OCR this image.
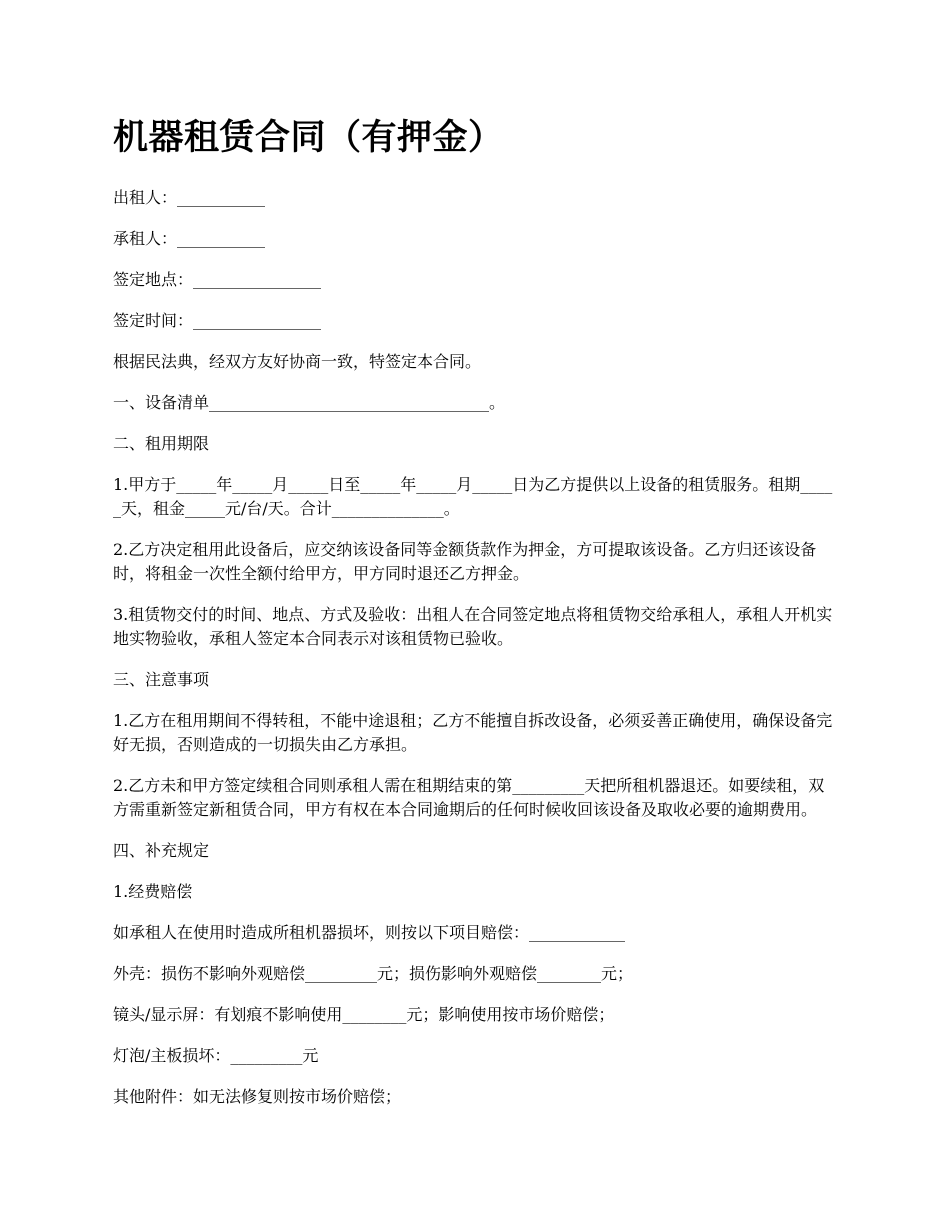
机器租赁合同（有押金）

出租人：___________

承租人：___________

签定地点：________________

签定时间：________________

根据民法典，经双方友好协商一致，特签定本合同。

一、设备清单___________________________________。

二、租用期限

1.甲方于_____年_____月_____日至_____年_____月_____日为乙方提供以上设备的租赁服务。租期_____天，租金_____元/台/天。合计______________。

2.乙方决定租用此设备后，应交纳该设备同等金额货款作为押金，方可提取该设备。乙方归还该设备时，将租金一次性全额付给甲方，甲方同时退还乙方押金。

3.租赁物交付的时间、地点、方式及验收：出租人在合同签定地点将租赁物交给承租人，承租人开机实地实物验收，承租人签定本合同表示对该租赁物已验收。

三、注意事项

1.乙方在租用期间不得转租，不能中途退租；乙方不能擅自拆改设备，必须妥善正确使用，确保设备完好无损，否则造成的一切损失由乙方承担。

2.乙方未和甲方签定续租合同则承租人需在租期结束的第_________天把所租机器退还。如要续租，双方需重新签定新租赁合同，甲方有权在本合同逾期后的任何时候收回该设备及取收必要的逾期费用。

四、补充规定

1.经费赔偿

如承租人在使用时造成所租机器损坏，则按以下项目赔偿：____________

外壳：损伤不影响外观赔偿_________元；损伤影响外观赔偿________元；

镜头/显示屏：有划痕不影响使用________元；影响使用按市场价赔偿；

灯泡/主板损坏：_________元

其他附件：如无法修复则按市场价赔偿；
